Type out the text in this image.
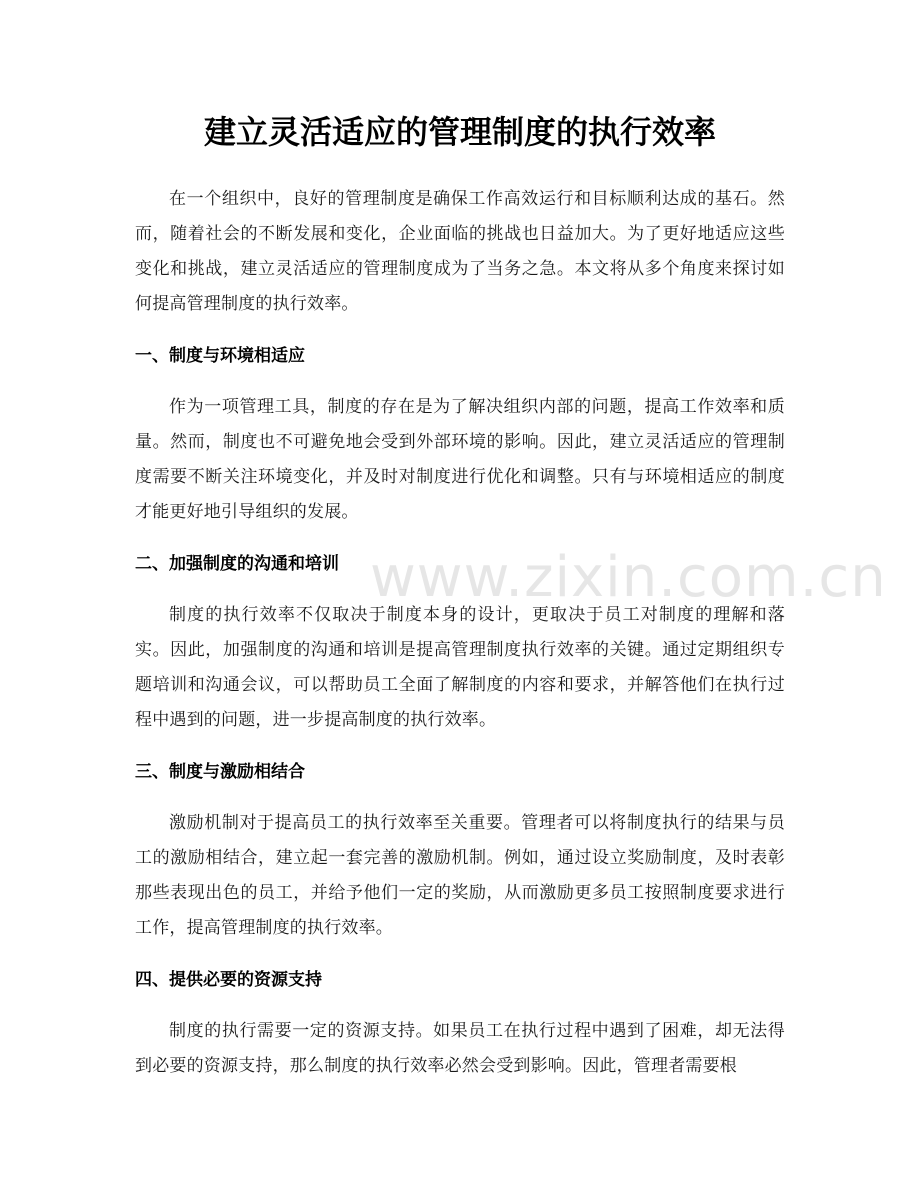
建立灵活适应的管理制度的执行效率

在一个组织中，良好的管理制度是确保工作高效运行和目标顺利达成的基石。然而，随着社会的不断发展和变化，企业面临的挑战也日益加大。为了更好地适应这些变化和挑战，建立灵活适应的管理制度成为了当务之急。本文将从多个角度来探讨如何提高管理制度的执行效率。

一、制度与环境相适应

作为一项管理工具，制度的存在是为了解决组织内部的问题，提高工作效率和质量。然而，制度也不可避免地会受到外部环境的影响。因此，建立灵活适应的管理制度需要不断关注环境变化，并及时对制度进行优化和调整。只有与环境相适应的制度才能更好地引导组织的发展。

二、加强制度的沟通和培训

制度的执行效率不仅取决于制度本身的设计，更取决于员工对制度的理解和落实。因此，加强制度的沟通和培训是提高管理制度执行效率的关键。通过定期组织专题培训和沟通会议，可以帮助员工全面了解制度的内容和要求，并解答他们在执行过程中遇到的问题，进一步提高制度的执行效率。

三、制度与激励相结合

激励机制对于提高员工的执行效率至关重要。管理者可以将制度执行的结果与员工的激励相结合，建立起一套完善的激励机制。例如，通过设立奖励制度，及时表彰那些表现出色的员工，并给予他们一定的奖励，从而激励更多员工按照制度要求进行工作，提高管理制度的执行效率。

四、提供必要的资源支持

制度的执行需要一定的资源支持。如果员工在执行过程中遇到了困难，却无法得到必要的资源支持，那么制度的执行效率必然会受到影响。因此，管理者需要根

www.zixin.com.cn
